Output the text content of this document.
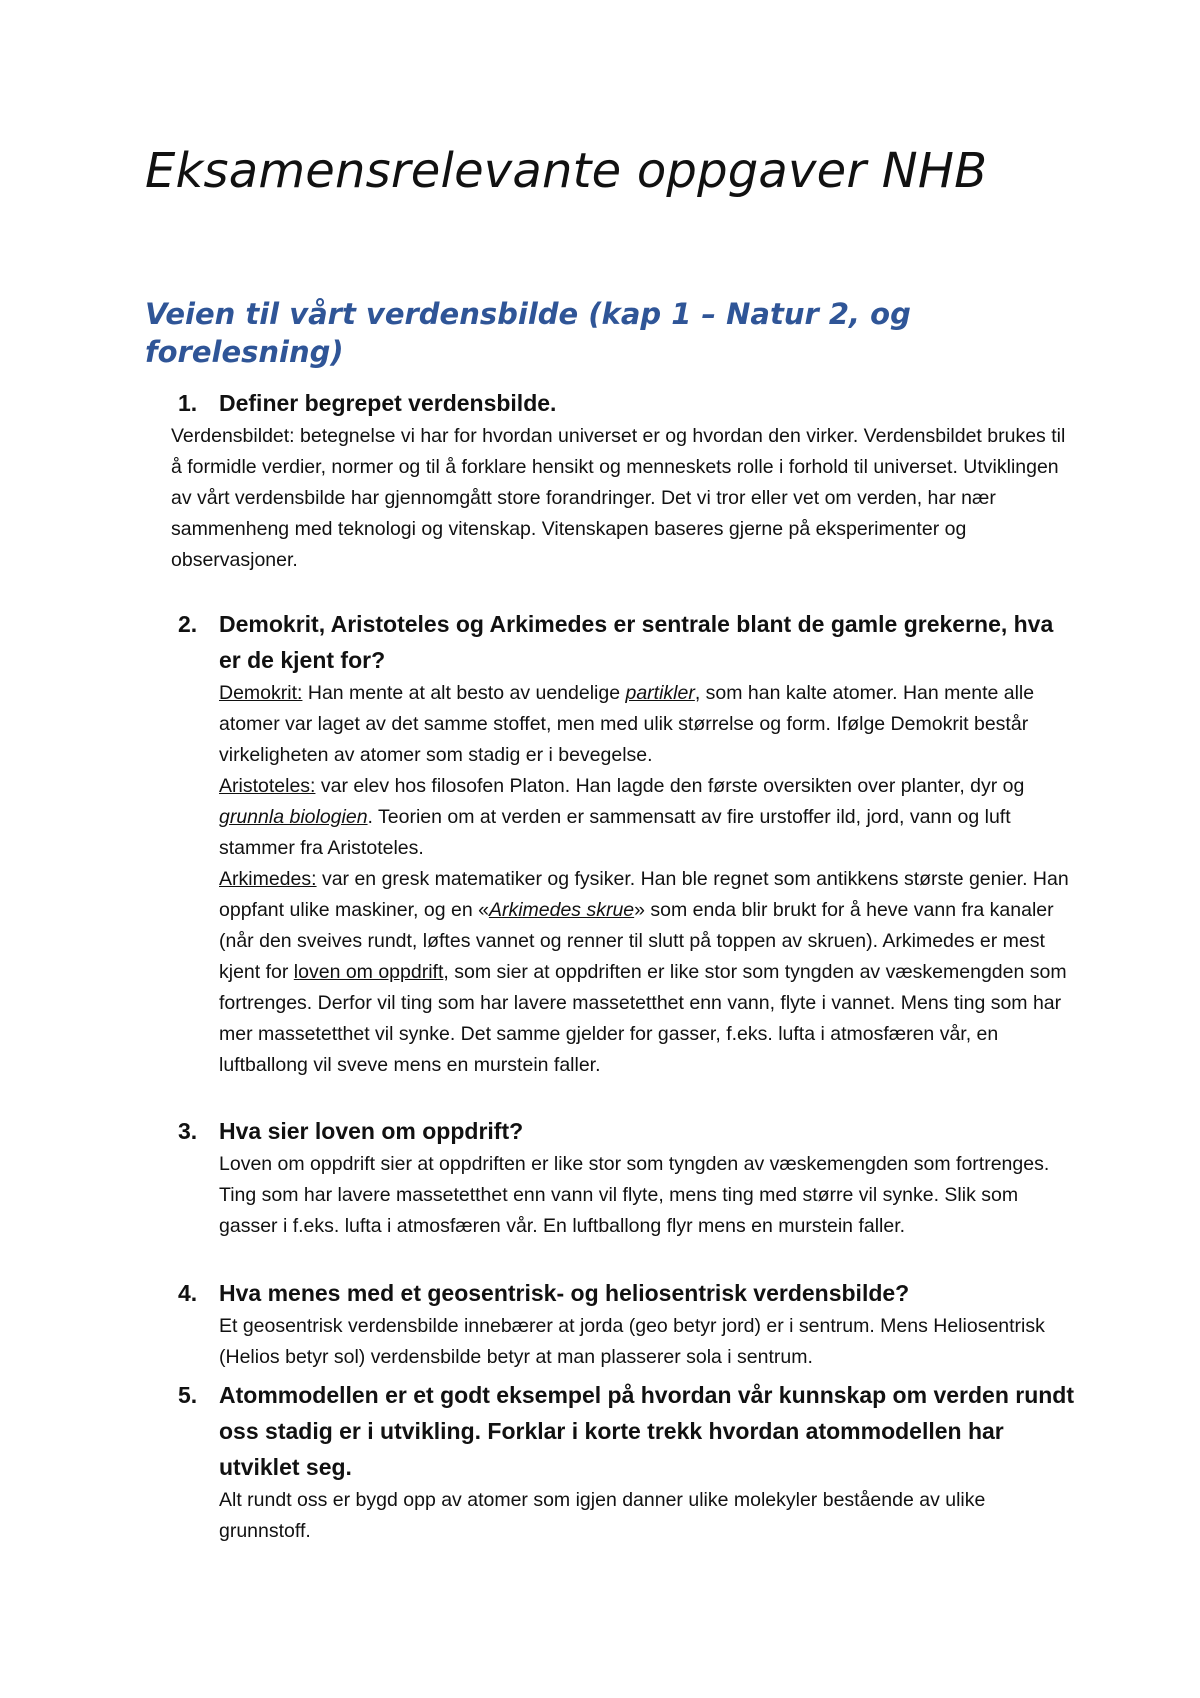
Eksamensrelevante oppgaver NHB
Veien til vårt verdensbilde (kap 1 – Natur 2, og forelesning)

1. Definer begrepet verdensbilde.

Verdensbildet: betegnelse vi har for hvordan universet er og hvordan den virker. Verdensbildet brukes til å formidle verdier, normer og til å forklare hensikt og menneskets rolle i forhold til universet. Utviklingen av vårt verdensbilde har gjennomgått store forandringer. Det vi tror eller vet om verden, har nær sammenheng med teknologi og vitenskap. Vitenskapen baseres gjerne på eksperimenter og observasjoner.

2. Demokrit, Aristoteles og Arkimedes er sentrale blant de gamle grekerne, hva er de kjent for?

Demokrit: Han mente at alt besto av uendelige partikler, som han kalte atomer. Han mente alle atomer var laget av det samme stoffet, men med ulik størrelse og form. Ifølge Demokrit består virkeligheten av atomer som stadig er i bevegelse.

Aristoteles: var elev hos filosofen Platon. Han lagde den første oversikten over planter, dyr og grunnla biologien. Teorien om at verden er sammensatt av fire urstoffer ild, jord, vann og luft stammer fra Aristoteles.

Arkimedes: var en gresk matematiker og fysiker. Han ble regnet som antikkens største genier. Han oppfant ulike maskiner, og en «Arkimedes skrue» som enda blir brukt for å heve vann fra kanaler (når den sveives rundt, løftes vannet og renner til slutt på toppen av skruen). Arkimedes er mest kjent for loven om oppdrift, som sier at oppdriften er like stor som tyngden av væskemengden som fortrenges. Derfor vil ting som har lavere massetetthet enn vann, flyte i vannet. Mens ting som har mer massetetthet vil synke. Det samme gjelder for gasser, f.eks. lufta i atmosfæren vår, en luftballong vil sveve mens en murstein faller.

3. Hva sier loven om oppdrift?

Loven om oppdrift sier at oppdriften er like stor som tyngden av væskemengden som fortrenges. Ting som har lavere massetetthet enn vann vil flyte, mens ting med større vil synke. Slik som gasser i f.eks. lufta i atmosfæren vår. En luftballong flyr mens en murstein faller.

4. Hva menes med et geosentrisk- og heliosentrisk verdensbilde?

Et geosentrisk verdensbilde innebærer at jorda (geo betyr jord) er i sentrum. Mens Heliosentrisk (Helios betyr sol) verdensbilde betyr at man plasserer sola i sentrum.

5. Atommodellen er et godt eksempel på hvordan vår kunnskap om verden rundt oss stadig er i utvikling. Forklar i korte trekk hvordan atommodellen har utviklet seg.

Alt rundt oss er bygd opp av atomer som igjen danner ulike molekyler bestående av ulike grunnstoff.
